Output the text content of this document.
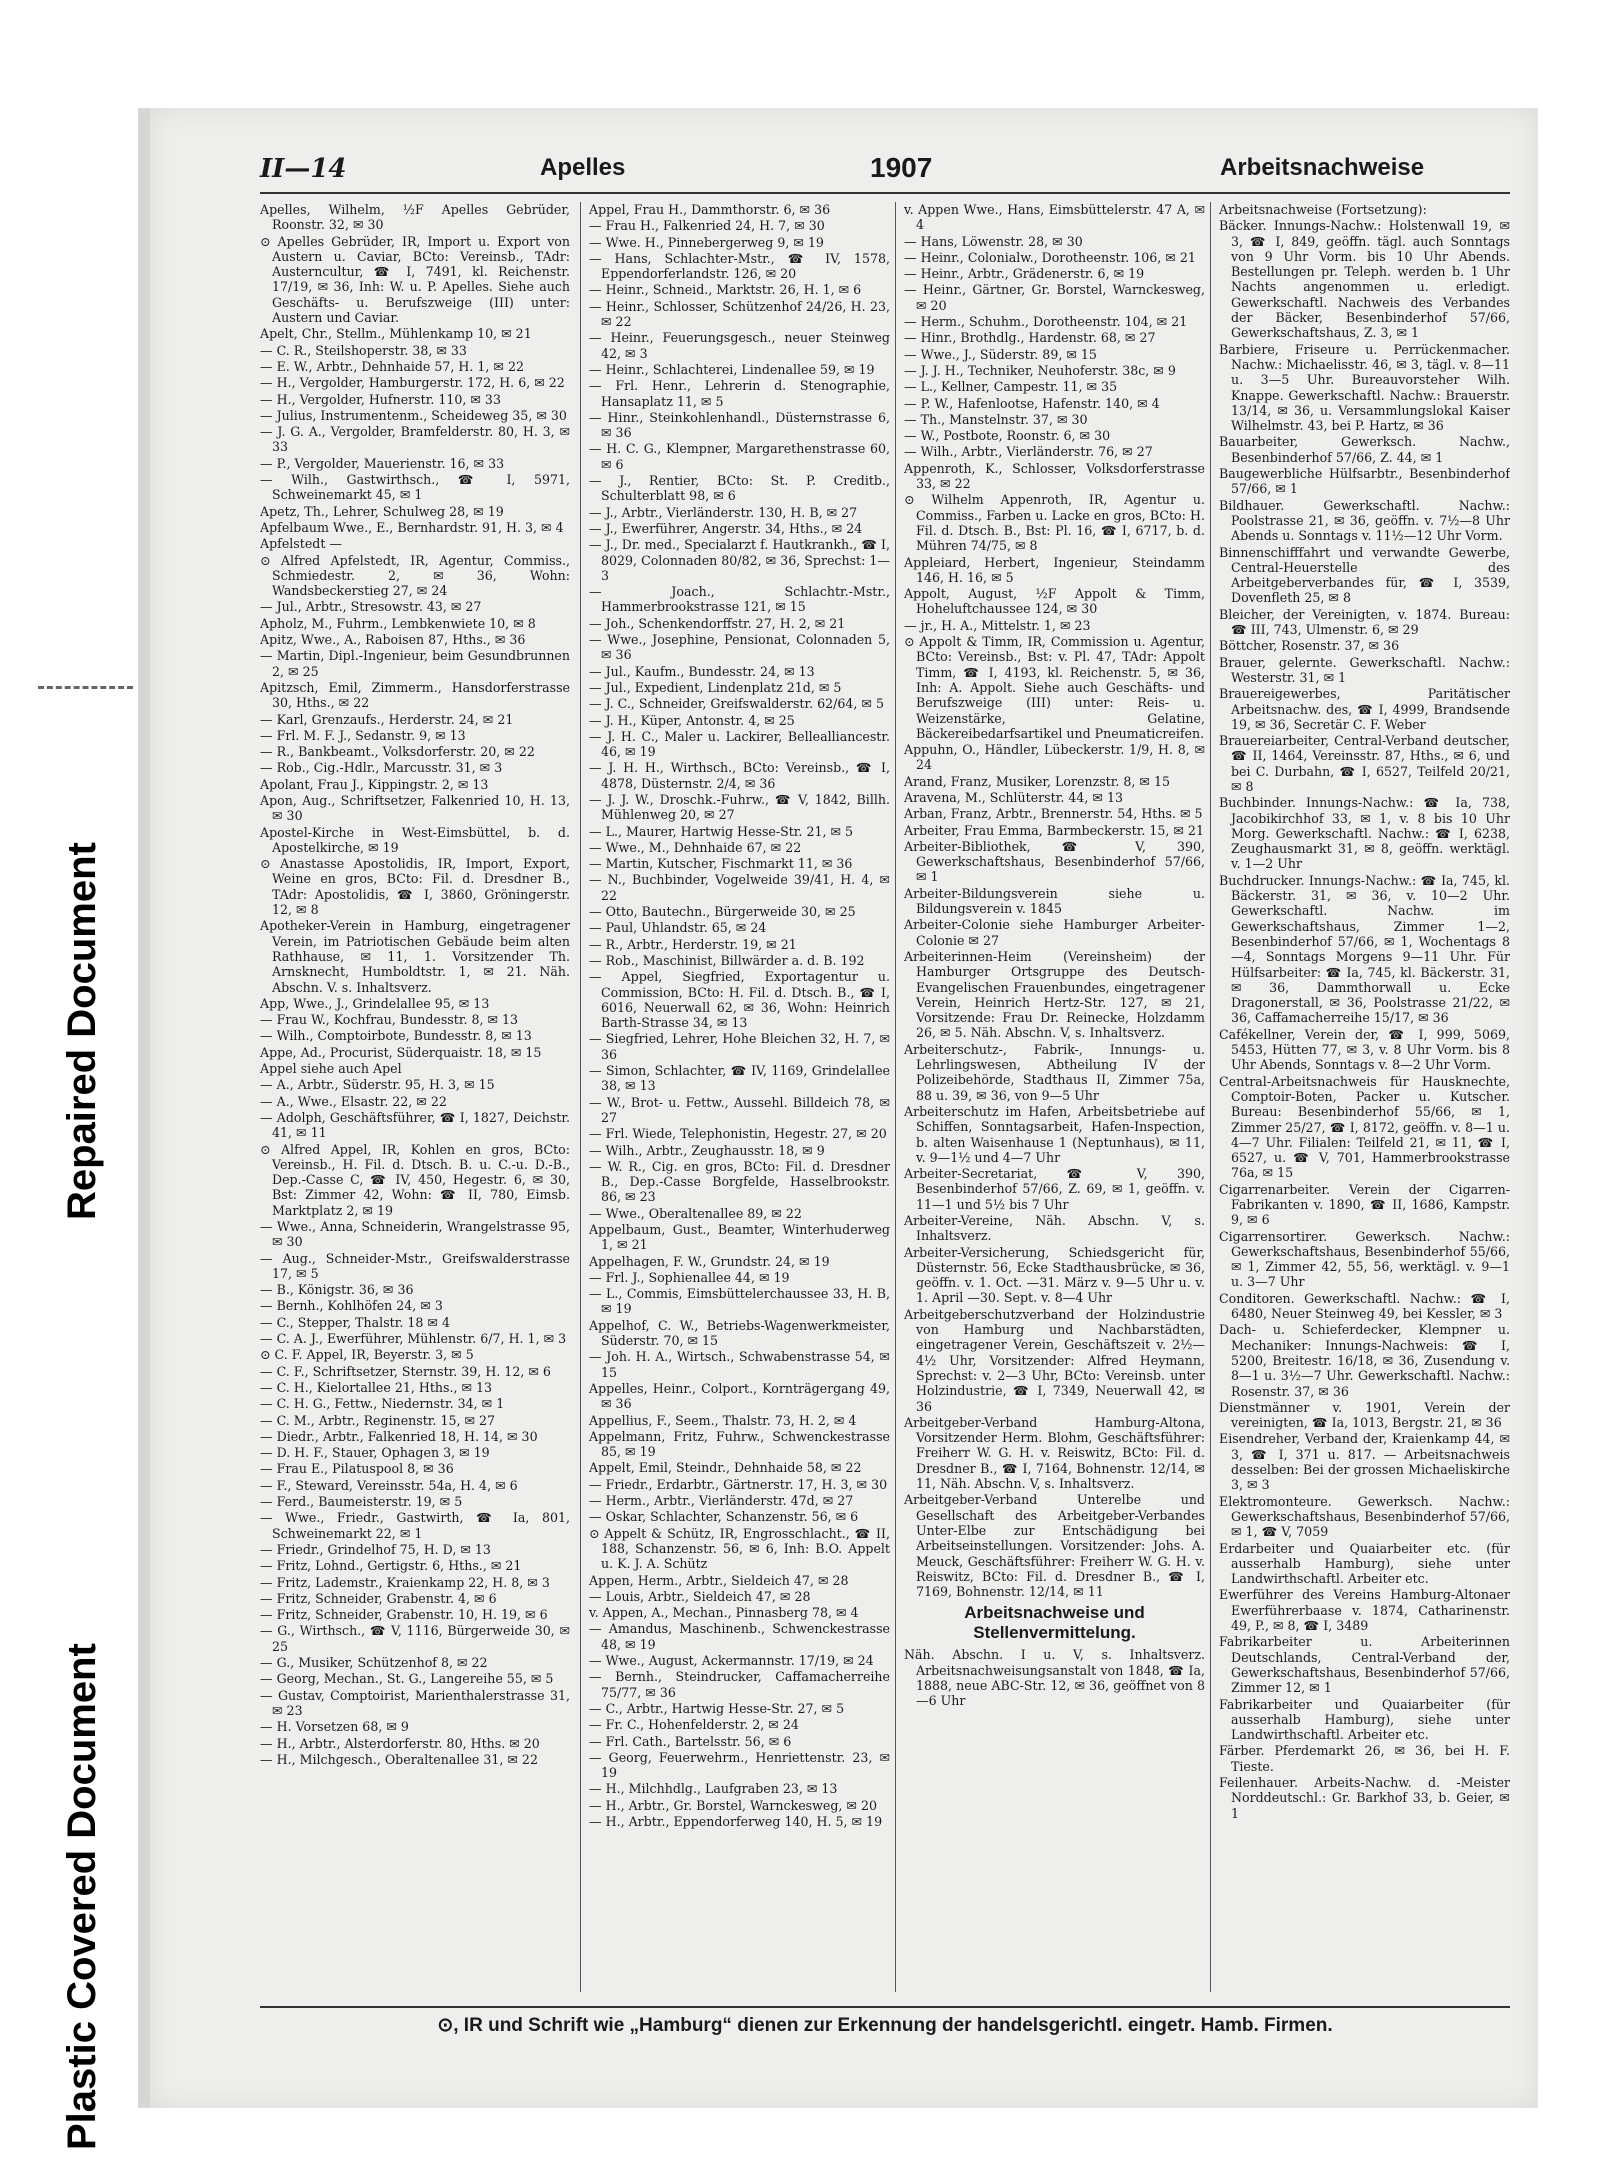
Repaired Document
Plastic Covered Document
II—14	Apelles	1907	Arbeitsnachweise

Apelles, Wilhelm, ½F Apelles Gebrüder, Roonstr. 32, ✉ 30

⊙ Apelles Gebrüder, IR, Import u. Export von Austern u. Caviar, BCto: Vereinsb., TAdr: Austerncultur, ☎ I, 7491, kl. Reichenstr. 17/19, ✉ 36, Inh: W. u. P. Apelles. Siehe auch Geschäfts- u. Berufszweige (III) unter: Austern und Caviar.

Apelt, Chr., Stellm., Mühlenkamp 10, ✉ 21

— C. R., Steilshoperstr. 38, ✉ 33

— E. W., Arbtr., Dehnhaide 57, H. 1, ✉ 22

— H., Vergolder, Hamburgerstr. 172, H. 6, ✉ 22

— H., Vergolder, Hufnerstr. 110, ✉ 33

— Julius, Instrumentenm., Scheideweg 35, ✉ 30

— J. G. A., Vergolder, Bramfelderstr. 80, H. 3, ✉ 33

— P., Vergolder, Mauerienstr. 16, ✉ 33

— Wilh., Gastwirthsch., ☎ I, 5971, Schweinemarkt 45, ✉ 1

Apetz, Th., Lehrer, Schulweg 28, ✉ 19

Apfelbaum Wwe., E., Bernhardstr. 91, H. 3, ✉ 4

Apfelstedt —

⊙ Alfred Apfelstedt, IR, Agentur, Commiss., Schmiedestr. 2, ✉ 36, Wohn: Wandsbeckerstieg 27, ✉ 24

— Jul., Arbtr., Stresowstr. 43, ✉ 27

Apholz, M., Fuhrm., Lembkenwiete 10, ✉ 8

Apitz, Wwe., A., Raboisen 87, Hths., ✉ 36

— Martin, Dipl.-Ingenieur, beim Gesundbrunnen 2, ✉ 25

Apitzsch, Emil, Zimmerm., Hansdorferstrasse 30, Hths., ✉ 22

— Karl, Grenzaufs., Herderstr. 24, ✉ 21

— Frl. M. F. J., Sedanstr. 9, ✉ 13

— R., Bankbeamt., Volksdorferstr. 20, ✉ 22

— Rob., Cig.-Hdlr., Marcusstr. 31, ✉ 3

Apolant, Frau J., Kippingstr. 2, ✉ 13

Apon, Aug., Schriftsetzer, Falkenried 10, H. 13, ✉ 30

Apostel-Kirche in West-Eimsbüttel, b. d. Apostelkirche, ✉ 19

⊙ Anastasse Apostolidis, IR, Import, Export, Weine en gros, BCto: Fil. d. Dresdner B., TAdr: Apostolidis, ☎ I, 3860, Gröningerstr. 12, ✉ 8

Apotheker-Verein in Hamburg, eingetragener Verein, im Patriotischen Gebäude beim alten Rathhause, ✉ 11, 1. Vorsitzender Th. Arnsknecht, Humboldtstr. 1, ✉ 21. Näh. Abschn. V. s. Inhaltsverz.

App, Wwe., J., Grindelallee 95, ✉ 13

— Frau W., Kochfrau, Bundesstr. 8, ✉ 13

— Wilh., Comptoirbote, Bundesstr. 8, ✉ 13

Appe, Ad., Procurist, Süderquaistr. 18, ✉ 15

Appel siehe auch Apel

— A., Arbtr., Süderstr. 95, H. 3, ✉ 15

— A., Wwe., Elsastr. 22, ✉ 22

— Adolph, Geschäftsführer, ☎ I, 1827, Deichstr. 41, ✉ 11

⊙ Alfred Appel, IR, Kohlen en gros, BCto: Vereinsb., H. Fil. d. Dtsch. B. u. C.-u. D.-B., Dep.-Casse C, ☎ IV, 450, Hegestr. 6, ✉ 30, Bst: Zimmer 42, Wohn: ☎ II, 780, Eimsb. Marktplatz 2, ✉ 19

— Wwe., Anna, Schneiderin, Wrangelstrasse 95, ✉ 30

— Aug., Schneider-Mstr., Greifswalderstrasse 17, ✉ 5

— B., Königstr. 36, ✉ 36

— Bernh., Kohlhöfen 24, ✉ 3

— C., Stepper, Thalstr. 18 ✉ 4

— C. A. J., Ewerführer, Mühlenstr. 6/7, H. 1, ✉ 3

⊙ C. F. Appel, IR, Beyerstr. 3, ✉ 5

— C. F., Schriftsetzer, Sternstr. 39, H. 12, ✉ 6

— C. H., Kielortallee 21, Hths., ✉ 13

— C. H. G., Fettw., Niedernstr. 34, ✉ 1

— C. M., Arbtr., Reginenstr. 15, ✉ 27

— Diedr., Arbtr., Falkenried 18, H. 14, ✉ 30

— D. H. F., Stauer, Ophagen 3, ✉ 19

— Frau E., Pilatuspool 8, ✉ 36

— F., Steward, Vereinsstr. 54a, H. 4, ✉ 6

— Ferd., Baumeisterstr. 19, ✉ 5

— Wwe., Friedr., Gastwirth, ☎ Ia, 801, Schweinemarkt 22, ✉ 1

— Friedr., Grindelhof 75, H. D, ✉ 13

— Fritz, Lohnd., Gertigstr. 6, Hths., ✉ 21

— Fritz, Lademstr., Kraienkamp 22, H. 8, ✉ 3

— Fritz, Schneider, Grabenstr. 4, ✉ 6

— Fritz, Schneider, Grabenstr. 10, H. 19, ✉ 6

— G., Wirthsch., ☎ V, 1116, Bürgerweide 30, ✉ 25

— G., Musiker, Schützenhof 8, ✉ 22

— Georg, Mechan., St. G., Langereihe 55, ✉ 5

— Gustav, Comptoirist, Marienthalerstrasse 31, ✉ 23

— H. Vorsetzen 68, ✉ 9

— H., Arbtr., Alsterdorferstr. 80, Hths. ✉ 20

— H., Milchgesch., Oberaltenallee 31, ✉ 22

Appel, Frau H., Dammthorstr. 6, ✉ 36

— Frau H., Falkenried 24, H. 7, ✉ 30

— Wwe. H., Pinnebergerweg 9, ✉ 19

— Hans, Schlachter-Mstr., ☎ IV, 1578, Eppendorferlandstr. 126, ✉ 20

— Heinr., Schneid., Marktstr. 26, H. 1, ✉ 6

— Heinr., Schlosser, Schützenhof 24/26, H. 23, ✉ 22

— Heinr., Feuerungsgesch., neuer Steinweg 42, ✉ 3

— Heinr., Schlachterei, Lindenallee 59, ✉ 19

— Frl. Henr., Lehrerin d. Stenographie, Hansaplatz 11, ✉ 5

— Hinr., Steinkohlenhandl., Düsternstrasse 6, ✉ 36

— H. C. G., Klempner, Margarethenstrasse 60, ✉ 6

— J., Rentier, BCto: St. P. Creditb., Schulterblatt 98, ✉ 6

— J., Arbtr., Vierländerstr. 130, H. B, ✉ 27

— J., Ewerführer, Angerstr. 34, Hths., ✉ 24

— J., Dr. med., Specialarzt f. Hautkrankh., ☎ I, 8029, Colonnaden 80/82, ✉ 36, Sprechst: 1—3

— Joach., Schlachtr.-Mstr., Hammerbrookstrasse 121, ✉ 15

— Joh., Schenkendorffstr. 27, H. 2, ✉ 21

— Wwe., Josephine, Pensionat, Colonnaden 5, ✉ 36

— Jul., Kaufm., Bundesstr. 24, ✉ 13

— Jul., Expedient, Lindenplatz 21d, ✉ 5

— J. C., Schneider, Greifswalderstr. 62/64, ✉ 5

— J. H., Küper, Antonstr. 4, ✉ 25

— J. H. C., Maler u. Lackirer, Bellealliancestr. 46, ✉ 19

— J. H. H., Wirthsch., BCto: Vereinsb., ☎ I, 4878, Düsternstr. 2/4, ✉ 36

— J. J. W., Droschk.-Fuhrw., ☎ V, 1842, Billh. Mühlenweg 20, ✉ 27

— L., Maurer, Hartwig Hesse-Str. 21, ✉ 5

— Wwe., M., Dehnhaide 67, ✉ 22

— Martin, Kutscher, Fischmarkt 11, ✉ 36

— N., Buchbinder, Vogelweide 39/41, H. 4, ✉ 22

— Otto, Bautechn., Bürgerweide 30, ✉ 25

— Paul, Uhlandstr. 65, ✉ 24

— R., Arbtr., Herderstr. 19, ✉ 21

— Rob., Maschinist, Billwärder a. d. B. 192

— Appel, Siegfried, Exportagentur u. Commission, BCto: H. Fil. d. Dtsch. B., ☎ I, 6016, Neuerwall 62, ✉ 36, Wohn: Heinrich Barth-Strasse 34, ✉ 13

— Siegfried, Lehrer, Hohe Bleichen 32, H. 7, ✉ 36

— Simon, Schlachter, ☎ IV, 1169, Grindelallee 38, ✉ 13

— W., Brot- u. Fettw., Aussehl. Billdeich 78, ✉ 27

— Frl. Wiede, Telephonistin, Hegestr. 27, ✉ 20

— Wilh., Arbtr., Zeughausstr. 18, ✉ 9

— W. R., Cig. en gros, BCto: Fil. d. Dresdner B., Dep.-Casse Borgfelde, Hasselbrookstr. 86, ✉ 23

— Wwe., Oberaltenallee 89, ✉ 22

Appelbaum, Gust., Beamter, Winterhuderweg 1, ✉ 21

Appelhagen, F. W., Grundstr. 24, ✉ 19

— Frl. J., Sophienallee 44, ✉ 19

— L., Commis, Eimsbüttelerchaussee 33, H. B, ✉ 19

Appelhof, C. W., Betriebs-Wagenwerkmeister, Süderstr. 70, ✉ 15

— Joh. H. A., Wirtsch., Schwabenstrasse 54, ✉ 15

Appelles, Heinr., Colport., Kornträgergang 49, ✉ 36

Appellius, F., Seem., Thalstr. 73, H. 2, ✉ 4

Appelmann, Fritz, Fuhrw., Schwenckestrasse 85, ✉ 19

Appelt, Emil, Steindr., Dehnhaide 58, ✉ 22

— Friedr., Erdarbtr., Gärtnerstr. 17, H. 3, ✉ 30

— Herm., Arbtr., Vierländerstr. 47d, ✉ 27

— Oskar, Schlachter, Schanzenstr. 56, ✉ 6

⊙ Appelt & Schütz, IR, Engrosschlacht., ☎ II, 188, Schanzenstr. 56, ✉ 6, Inh: B.O. Appelt u. K. J. A. Schütz

Appen, Herm., Arbtr., Sieldeich 47, ✉ 28

— Louis, Arbtr., Sieldeich 47, ✉ 28

v. Appen, A., Mechan., Pinnasberg 78, ✉ 4

— Amandus, Maschinenb., Schwenckestrasse 48, ✉ 19

— Wwe., August, Ackermannstr. 17/19, ✉ 24

— Bernh., Steindrucker, Caffamacherreihe 75/77, ✉ 36

— C., Arbtr., Hartwig Hesse-Str. 27, ✉ 5

— Fr. C., Hohenfelderstr. 2, ✉ 24

— Frl. Cath., Bartelsstr. 56, ✉ 6

— Georg, Feuerwehrm., Henriettenstr. 23, ✉ 19

— H., Milchhdlg., Laufgraben 23, ✉ 13

— H., Arbtr., Gr. Borstel, Warnckesweg, ✉ 20

— H., Arbtr., Eppendorferweg 140, H. 5, ✉ 19

v. Appen Wwe., Hans, Eimsbüttelerstr. 47 A, ✉ 4

— Hans, Löwenstr. 28, ✉ 30

— Heinr., Colonialw., Dorotheenstr. 106, ✉ 21

— Heinr., Arbtr., Grädenerstr. 6, ✉ 19

— Heinr., Gärtner, Gr. Borstel, Warnckesweg, ✉ 20

— Herm., Schuhm., Dorotheenstr. 104, ✉ 21

— Hinr., Brothdlg., Hardenstr. 68, ✉ 27

— Wwe., J., Süderstr. 89, ✉ 15

— J. J. H., Techniker, Neuhoferstr. 38c, ✉ 9

— L., Kellner, Campestr. 11, ✉ 35

— P. W., Hafenlootse, Hafenstr. 140, ✉ 4

— Th., Manstelnstr. 37, ✉ 30

— W., Postbote, Roonstr. 6, ✉ 30

— Wilh., Arbtr., Vierländerstr. 76, ✉ 27

Appenroth, K., Schlosser, Volksdorferstrasse 33, ✉ 22

⊙ Wilhelm Appenroth, IR, Agentur u. Commiss., Farben u. Lacke en gros, BCto: H. Fil. d. Dtsch. B., Bst: Pl. 16, ☎ I, 6717, b. d. Mühren 74/75, ✉ 8

Appleiard, Herbert, Ingenieur, Steindamm 146, H. 16, ✉ 5

Appolt, August, ½F Appolt & Timm, Hoheluftchaussee 124, ✉ 30

— jr., H. A., Mittelstr. 1, ✉ 23

⊙ Appolt & Timm, IR, Commission u. Agentur, BCto: Vereinsb., Bst: v. Pl. 47, TAdr: Appolt Timm, ☎ I, 4193, kl. Reichenstr. 5, ✉ 36, Inh: A. Appolt. Siehe auch Geschäfts- und Berufszweige (III) unter: Reis- u. Weizenstärke, Gelatine, Bäckereibedarfsartikel und Pneumaticreifen.

Appuhn, O., Händler, Lübeckerstr. 1/9, H. 8, ✉ 24

Arand, Franz, Musiker, Lorenzstr. 8, ✉ 15

Aravena, M., Schlüterstr. 44, ✉ 13

Arban, Franz, Arbtr., Brennerstr. 54, Hths. ✉ 5

Arbeiter, Frau Emma, Barmbeckerstr. 15, ✉ 21

Arbeiter-Bibliothek, ☎ V, 390, Gewerkschaftshaus, Besenbinderhof 57/66, ✉ 1

Arbeiter-Bildungsverein siehe u. Bildungsverein v. 1845

Arbeiter-Colonie siehe Hamburger Arbeiter-Colonie ✉ 27

Arbeiterinnen-Heim (Vereinsheim) der Hamburger Ortsgruppe des Deutsch-Evangelischen Frauenbundes, eingetragener Verein, Heinrich Hertz-Str. 127, ✉ 21, Vorsitzende: Frau Dr. Reinecke, Holzdamm 26, ✉ 5. Näh. Abschn. V, s. Inhaltsverz.

Arbeiterschutz-, Fabrik-, Innungs- u. Lehrlingswesen, Abtheilung IV der Polizeibehörde, Stadthaus II, Zimmer 75a, 88 u. 39, ✉ 36, von 9—5 Uhr

Arbeiterschutz im Hafen, Arbeitsbetriebe auf Schiffen, Sonntagsarbeit, Hafen-Inspection, b. alten Waisenhause 1 (Neptunhaus), ✉ 11, v. 9—1½ und 4—7 Uhr

Arbeiter-Secretariat, ☎ V, 390, Besenbinderhof 57/66, Z. 69, ✉ 1, geöffn. v. 11—1 und 5½ bis 7 Uhr

Arbeiter-Vereine, Näh. Abschn. V, s. Inhaltsverz.

Arbeiter-Versicherung, Schiedsgericht für, Düsternstr. 56, Ecke Stadthausbrücke, ✉ 36, geöffn. v. 1. Oct. —31. März v. 9—5 Uhr u. v. 1. April —30. Sept. v. 8—4 Uhr

Arbeitgeberschutzverband der Holzindustrie von Hamburg und Nachbarstädten, eingetragener Verein, Geschäftszeit v. 2½—4½ Uhr, Vorsitzender: Alfred Heymann, Sprechst: v. 2—3 Uhr, BCto: Vereinsb. unter Holzindustrie, ☎ I, 7349, Neuerwall 42, ✉ 36

Arbeitgeber-Verband Hamburg-Altona, Vorsitzender Herm. Blohm, Geschäftsführer: Freiherr W. G. H. v. Reiswitz, BCto: Fil. d. Dresdner B., ☎ I, 7164, Bohnenstr. 12/14, ✉ 11, Näh. Abschn. V, s. Inhaltsverz.

Arbeitgeber-Verband Unterelbe und Gesellschaft des Arbeitgeber-Verbandes Unter-Elbe zur Entschädigung bei Arbeitseinstellungen. Vorsitzender: Johs. A. Meuck, Geschäftsführer: Freiherr W. G. H. v. Reiswitz, BCto: Fil. d. Dresdner B., ☎ I, 7169, Bohnenstr. 12/14, ✉ 11

Arbeitsnachweise und Stellenvermittelung.

Näh. Abschn. I u. V, s. Inhaltsverz. Arbeitsnachweisungsanstalt von 1848, ☎ Ia, 1888, neue ABC-Str. 12, ✉ 36, geöffnet von 8—6 Uhr

Arbeitsnachweise (Fortsetzung):

Bäcker. Innungs-Nachw.: Holstenwall 19, ✉ 3, ☎ I, 849, geöffn. tägl. auch Sonntags von 9 Uhr Vorm. bis 10 Uhr Abends. Bestellungen pr. Teleph. werden b. 1 Uhr Nachts angenommen u. erledigt. Gewerkschaftl. Nachweis des Verbandes der Bäcker, Besenbinderhof 57/66, Gewerkschaftshaus, Z. 3, ✉ 1

Barbiere, Friseure u. Perrückenmacher. Nachw.: Michaelisstr. 46, ✉ 3, tägl. v. 8—11 u. 3—5 Uhr. Bureauvorsteher Wilh. Knappe. Gewerkschaftl. Nachw.: Brauerstr. 13/14, ✉ 36, u. Versammlungslokal Kaiser Wilhelmstr. 43, bei P. Hartz, ✉ 36

Bauarbeiter, Gewerksch. Nachw., Besenbinderhof 57/66, Z. 44, ✉ 1

Baugewerbliche Hülfsarbtr., Besenbinderhof 57/66, ✉ 1

Bildhauer. Gewerkschaftl. Nachw.: Poolstrasse 21, ✉ 36, geöffn. v. 7½—8 Uhr Abends u. Sonntags v. 11½—12 Uhr Vorm.

Binnenschifffahrt und verwandte Gewerbe, Central-Heuerstelle des Arbeitgeberverbandes für, ☎ I, 3539, Dovenfleth 25, ✉ 8

Bleicher, der Vereinigten, v. 1874. Bureau: ☎ III, 743, Ulmenstr. 6, ✉ 29

Böttcher, Rosenstr. 37, ✉ 36

Brauer, gelernte. Gewerkschaftl. Nachw.: Westerstr. 31, ✉ 1

Brauereigewerbes, Paritätischer Arbeitsnachw. des, ☎ I, 4999, Brandsende 19, ✉ 36, Secretär C. F. Weber

Brauereiarbeiter, Central-Verband deutscher, ☎ II, 1464, Vereinsstr. 87, Hths., ✉ 6, und bei C. Durbahn, ☎ I, 6527, Teilfeld 20/21, ✉ 8

Buchbinder. Innungs-Nachw.: ☎ Ia, 738, Jacobikirchhof 33, ✉ 1, v. 8 bis 10 Uhr Morg. Gewerkschaftl. Nachw.: ☎ I, 6238, Zeughausmarkt 31, ✉ 8, geöffn. werktägl. v. 1—2 Uhr

Buchdrucker. Innungs-Nachw.: ☎ Ia, 745, kl. Bäckerstr. 31, ✉ 36, v. 10—2 Uhr. Gewerkschaftl. Nachw. im Gewerkschaftshaus, Zimmer 1—2, Besenbinderhof 57/66, ✉ 1, Wochentags 8—4, Sonntags Morgens 9—11 Uhr. Für Hülfsarbeiter: ☎ Ia, 745, kl. Bäckerstr. 31, ✉ 36, Dammthorwall u. Ecke Dragonerstall, ✉ 36, Poolstrasse 21/22, ✉ 36, Caffamacherreihe 15/17, ✉ 36

Cafékellner, Verein der, ☎ I, 999, 5069, 5453, Hütten 77, ✉ 3, v. 8 Uhr Vorm. bis 8 Uhr Abends, Sonntags v. 8—2 Uhr Vorm.

Central-Arbeitsnachweis für Hausknechte, Comptoir-Boten, Packer u. Kutscher. Bureau: Besenbinderhof 55/66, ✉ 1, Zimmer 25/27, ☎ I, 8172, geöffn. v. 8—1 u. 4—7 Uhr. Filialen: Teilfeld 21, ✉ 11, ☎ I, 6527, u. ☎ V, 701, Hammerbrookstrasse 76a, ✉ 15

Cigarrenarbeiter. Verein der Cigarren-Fabrikanten v. 1890, ☎ II, 1686, Kampstr. 9, ✉ 6

Cigarrensortirer. Gewerksch. Nachw.: Gewerkschaftshaus, Besenbinderhof 55/66, ✉ 1, Zimmer 42, 55, 56, werktägl. v. 9—1 u. 3—7 Uhr

Conditoren. Gewerkschaftl. Nachw.: ☎ I, 6480, Neuer Steinweg 49, bei Kessler, ✉ 3

Dach- u. Schieferdecker, Klempner u. Mechaniker: Innungs-Nachweis: ☎ I, 5200, Breitestr. 16/18, ✉ 36, Zusendung v. 8—1 u. 3½—7 Uhr. Gewerkschaftl. Nachw.: Rosenstr. 37, ✉ 36

Dienstmänner v. 1901, Verein der vereinigten, ☎ Ia, 1013, Bergstr. 21, ✉ 36

Eisendreher, Verband der, Kraienkamp 44, ✉ 3, ☎ I, 371 u. 817. — Arbeitsnachweis desselben: Bei der grossen Michaeliskirche 3, ✉ 3

Elektromonteure. Gewerksch. Nachw.: Gewerkschaftshaus, Besenbinderhof 57/66, ✉ 1, ☎ V, 7059

Erdarbeiter und Quaiarbeiter etc. (für ausserhalb Hamburg), siehe unter Landwirthschaftl. Arbeiter etc.

Ewerführer des Vereins Hamburg-Altonaer Ewerführerbaase v. 1874, Catharinenstr. 49, P., ✉ 8, ☎ I, 3489

Fabrikarbeiter u. Arbeiterinnen Deutschlands, Central-Verband der, Gewerkschaftshaus, Besenbinderhof 57/66, Zimmer 12, ✉ 1

Fabrikarbeiter und Quaiarbeiter (für ausserhalb Hamburg), siehe unter Landwirthschaftl. Arbeiter etc.

Färber. Pferdemarkt 26, ✉ 36, bei H. F. Tieste.

Feilenhauer. Arbeits-Nachw. d. -Meister Norddeutschl.: Gr. Barkhof 33, b. Geier, ✉ 1

⊙, IR und Schrift wie „Hamburg“ dienen zur Erkennung der handelsgerichtl. eingetr. Hamb. Firmen.
